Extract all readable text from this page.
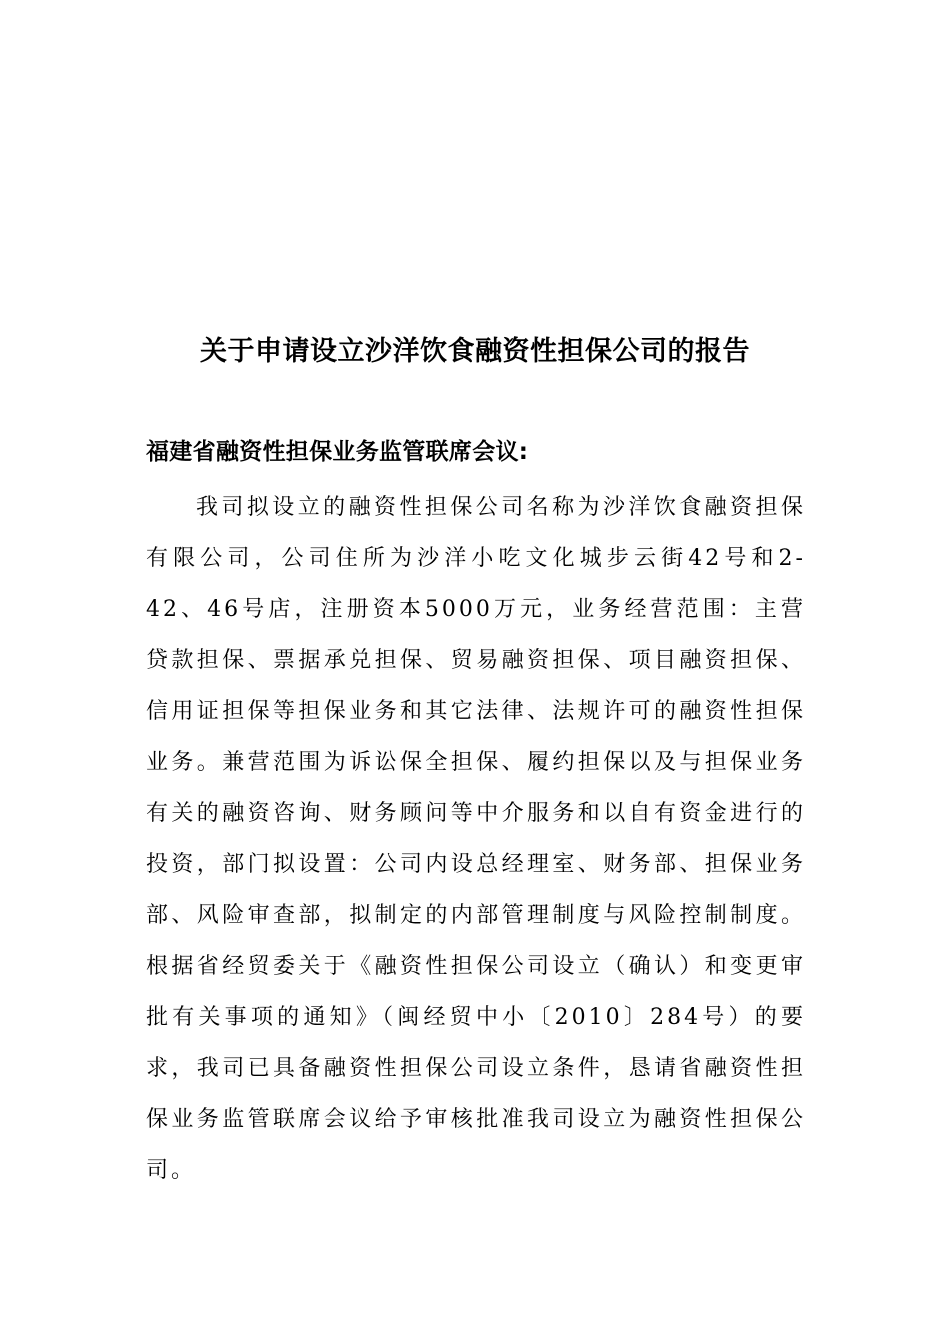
关于申请设立沙洋饮食融资性担保公司的报告
福建省融资性担保业务监管联席会议:

我司拟设立的融资性担保公司名称为沙洋饮食融资担保有限公司，公司住所为沙洋小吃文化城步云街42号和2-42、46号店，注册资本5000万元，业务经营范围：主营贷款担保、票据承兑担保、贸易融资担保、项目融资担保、信用证担保等担保业务和其它法律、法规许可的融资性担保业务。兼营范围为诉讼保全担保、履约担保以及与担保业务有关的融资咨询、财务顾问等中介服务和以自有资金进行的投资，部门拟设置：公司内设总经理室、财务部、担保业务部、风险审查部，拟制定的内部管理制度与风险控制制度。根据省经贸委关于《融资性担保公司设立（确认）和变更审批有关事项的通知》（闽经贸中小〔2010〕284号）的要求，我司已具备融资性担保公司设立条件，恳请省融资性担保业务监管联席会议给予审核批准我司设立为融资性担保公司。
